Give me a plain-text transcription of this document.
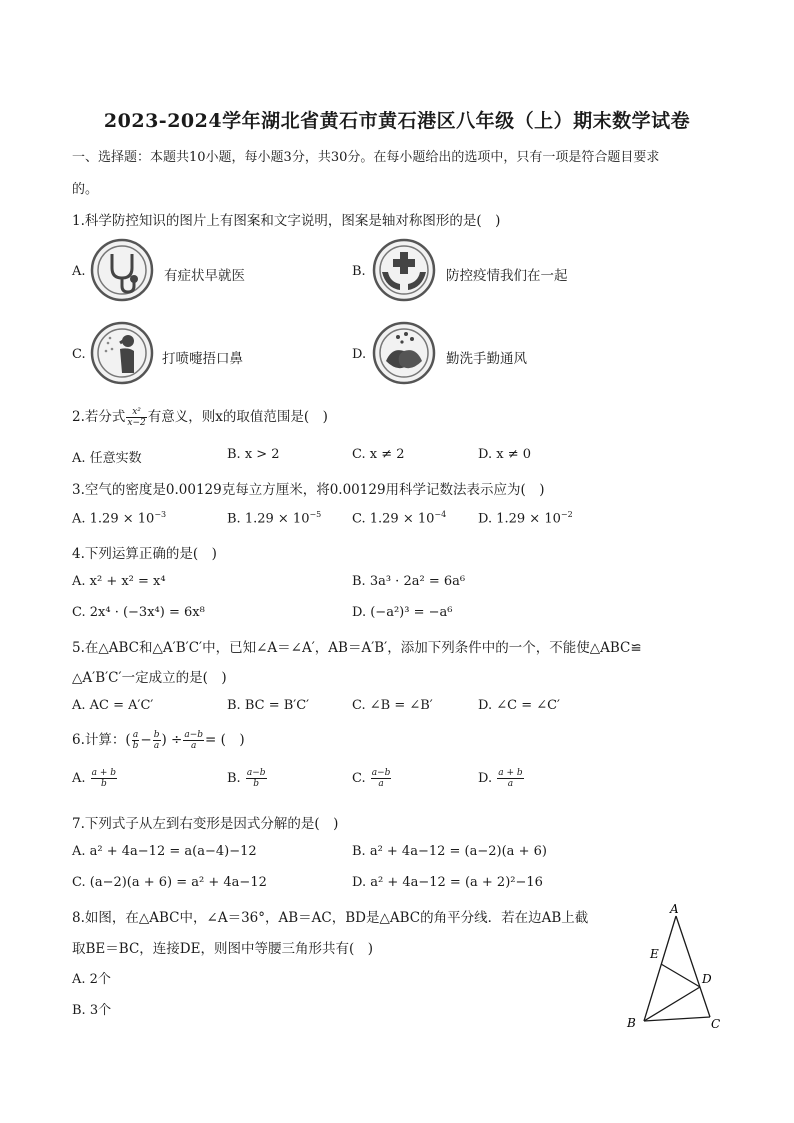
2023-2024学年湖北省黄石市黄石港区八年级（上）期末数学试卷
一、选择题：本题共10小题，每小题3分，共30分。在每小题给出的选项中，只有一项是符合题目要求
的。
1.科学防控知识的图片上有图案和文字说明，图案是轴对称图形的是(　)
A.	有症状早就医	B.	防控疫情我们在一起
C.	打喷嚏捂口鼻	D.	勤洗手勤通风
2.若分式 $\frac{\text{x²}}{x-2}$ 有意义，则x的取值范围是(　)
A. 任意实数	B. x > 2	C. x ≠ 2	D. x ≠ 0
3.空气的密度是0.00129克每立方厘米，将0.00129用科学记数法表示应为(　)
A. $1.29 \times 10^{-3}$	B. $1.29 \times 10^{-5}$ C. $1.29 \times 10^{-4}$ D. $1.29 \times 10^{-2}$
4.下列运算正确的是(　)
A. x² + x² = x⁴	B. 3a³ · 2a² = 6a⁶
C. 2x⁴ · (−3x⁴) = 6x⁸	D. (−a²)³ = −a⁶
5.在△ABC和△A′B′C′中，已知∠A＝∠A′，AB＝A′B′，添加下列条件中的一个，不能使△ABC≌
△A′B′C′一定成立的是(　)
A. AC = A′C′	B. BC = B′C′	C. ∠B = ∠B′	D. ∠C = ∠C′
6.计算：( $\frac{a}{b} - \frac{b}{a}$ ) ÷ $\frac{a-b}{a}$ = (　)
A. $\frac{a + b}{b}$	B. $\frac{a-b}{b}$	C. $\frac{a-b}{a}$	D. $\frac{a + b}{a}$
7.下列式子从左到右变形是因式分解的是(　)
A. a² + 4a−12 = a(a−4)−12	B. a² + 4a−12 = (a−2)(a + 6)
C. (a−2)(a + 6) = a² + 4a−12	D. a² + 4a−12 = (a + 2)²−16
8.如图，在△ABC中，∠A＝36°，AB＝AC，BD是△ABC的角平分线．若在边AB上截
取BE＝BC，连接DE，则图中等腰三角形共有(　)
A. 2个
B. 3个
A
B	C
D
E
